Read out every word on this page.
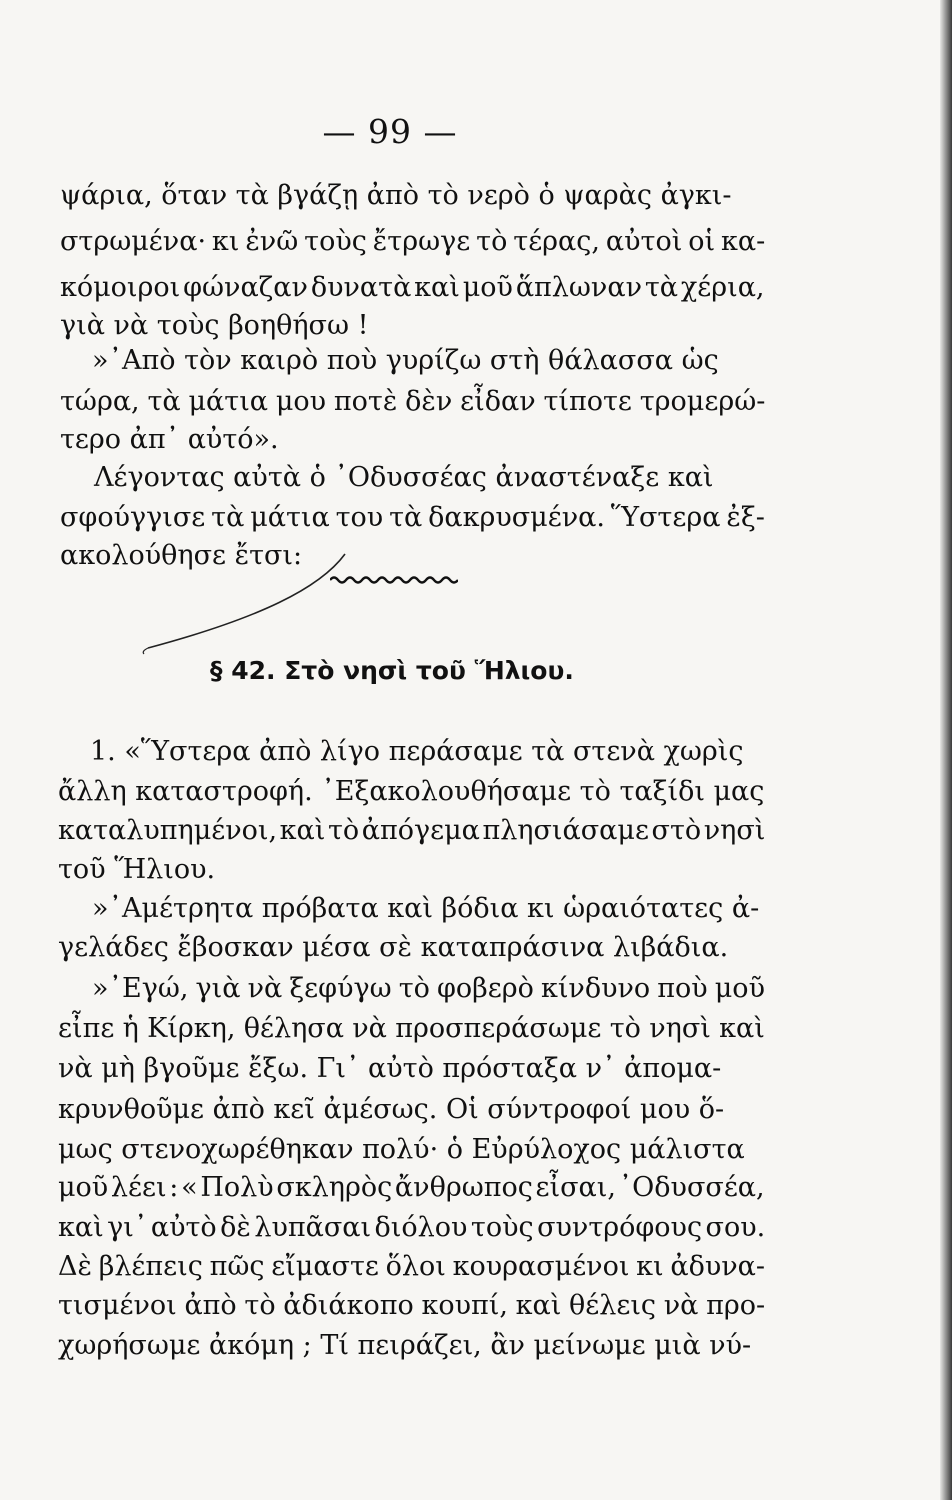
— 99 —
ψάρια, ὅταν τὰ βγάζῃ ἀπὸ τὸ νερὸ ὁ ψαρὰς ἀγκι-
στρωμένα· κι ἐνῶ τοὺς ἔτρωγε τὸ τέρας, αὐτοὶ οἱ κα-
κόμοιροι φώναζαν δυνατὰ καὶ μοῦ ἅπλωναν τὰ χέρια,
γιὰ νὰ τοὺς βοηθήσω !
»᾿Απὸ τὸν καιρὸ ποὺ γυρίζω στὴ θάλασσα ὡς
τώρα, τὰ μάτια μου ποτὲ δὲν εἶδαν τίποτε τρομερώ-
τερο ἀπ᾿ αὐτό».
Λέγοντας αὐτὰ ὁ ᾿Οδυσσέας ἀναστέναξε καὶ
σφούγγισε τὰ μάτια του τὰ δακρυσμένα. Ὕστερα ἐξ-
ακολούθησε ἔτσι:
1. «Ὕστερα ἀπὸ λίγο περάσαμε τὰ στενὰ χωρὶς
ἄλλη καταστροφή. ᾿Εξακολουθήσαμε τὸ ταξίδι μας
καταλυπημένοι, καὶ τὸ ἀπόγεμα πλησιάσαμε στὸ νησὶ
τοῦ Ἥλιου.
»᾿Αμέτρητα πρόβατα καὶ βόδια κι ὡραιότατες ἀ-
γελάδες ἔβοσκαν μέσα σὲ καταπράσινα λιβάδια.
»᾿Εγώ, γιὰ νὰ ξεφύγω τὸ φοβερὸ κίνδυνο ποὺ μοῦ
εἶπε ἡ Κίρκη, θέλησα νὰ προσπεράσωμε τὸ νησὶ καὶ
νὰ μὴ βγοῦμε ἔξω. Γι᾿ αὐτὸ πρόσταξα ν᾿ ἀπομα-
κρυνθοῦμε ἀπὸ κεῖ ἀμέσως. Οἱ σύντροφοί μου ὅ-
μως στενοχωρέθηκαν πολύ· ὁ Εὐρύλοχος μάλιστα
μοῦ λέει : « Πολὺ σκληρὸς ἄνθρωπος εἶσαι, ᾿Οδυσσέα,
καὶ γι᾿ αὐτὸ δὲ λυπᾶσαι διόλου τοὺς συντρόφους σου.
Δὲ βλέπεις πῶς εἴμαστε ὅλοι κουρασμένοι κι ἀδυνα-
τισμένοι ἀπὸ τὸ ἀδιάκοπο κουπί, καὶ θέλεις νὰ προ-
χωρήσωμε ἀκόμη ; Τί πειράζει, ἂν μείνωμε μιὰ νύ-
§ 42. Στὸ νησὶ τοῦ Ἥλιου.
